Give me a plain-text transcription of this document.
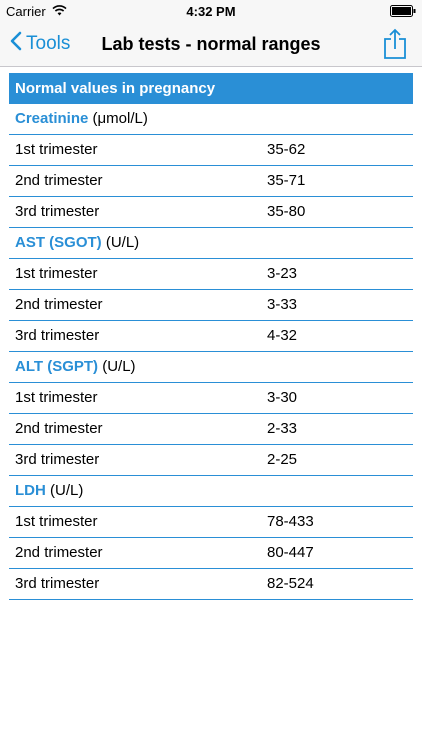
Carrier	4:32 PM
Tools	Lab tests - normal ranges
Normal values in pregnancy
Creatinine (μmol/L)
1st trimester	35-62
2nd trimester	35-71
3rd trimester	35-80
AST (SGOT) (U/L)
1st trimester	3-23
2nd trimester	3-33
3rd trimester	4-32
ALT (SGPT) (U/L)
1st trimester	3-30
2nd trimester	2-33
3rd trimester	2-25
LDH (U/L)
1st trimester	78-433
2nd trimester	80-447
3rd trimester	82-524
